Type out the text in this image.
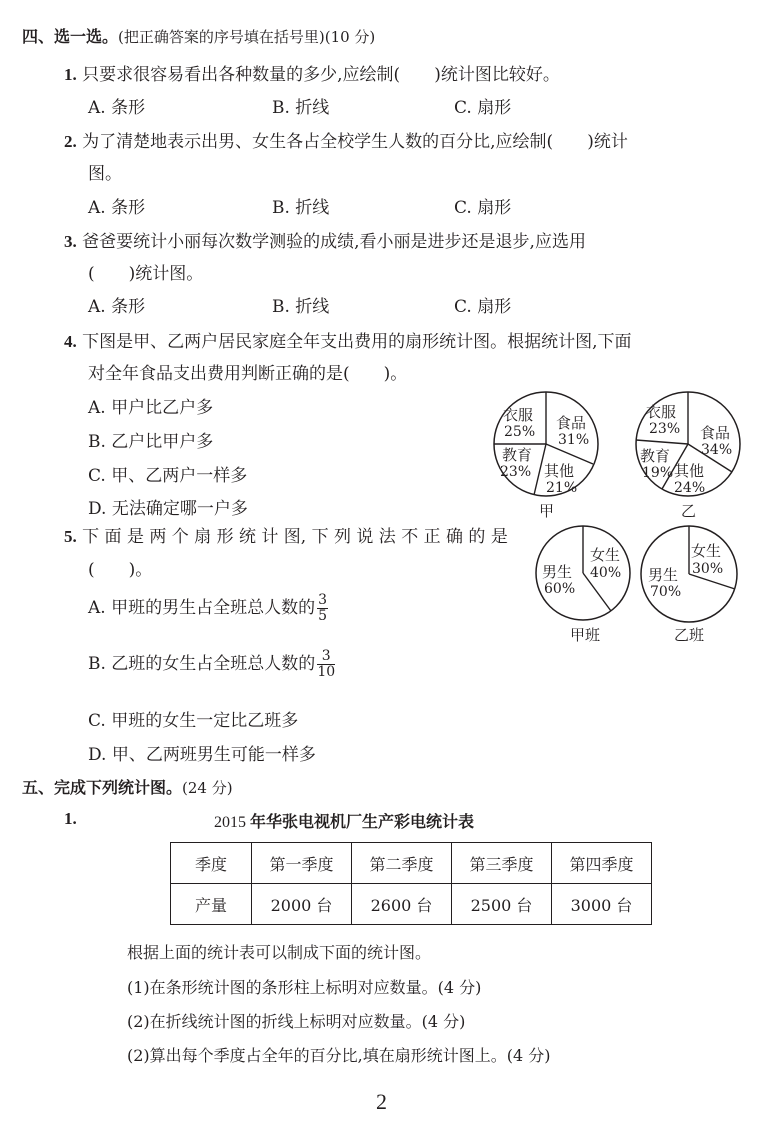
四、选一选。(把正确答案的序号填在括号里)(10 分)
1. 只要求很容易看出各种数量的多少,应绘制(　　)统计图比较好。
A. 条形	B. 折线	C. 扇形
2. 为了清楚地表示出男、女生各占全校学生人数的百分比,应绘制(　　)统计
图。
A. 条形	B. 折线	C. 扇形
3. 爸爸要统计小丽每次数学测验的成绩,看小丽是进步还是退步,应选用
(　　)统计图。
A. 条形	B. 折线	C. 扇形
4. 下图是甲、乙两户居民家庭全年支出费用的扇形统计图。根据统计图,下面
对全年食品支出费用判断正确的是(　　)。
A. 甲户比乙户多
B. 乙户比甲户多
C. 甲、乙两户一样多
D. 无法确定哪一户多
衣服
25% 食品
31%
其他
21%
教育
23%
甲
衣服
23% 食品
34%
其他
24%
教育
19%
乙
5. 下 面 是 两 个 扇 形 统 计 图, 下 列 说 法 不 正 确 的 是
(　　)。
A. 甲班的男生占全班总人数的 $\frac{3}{5}$
B. 乙班的女生占全班总人数的 $\frac{3}{10}$
C. 甲班的女生一定比乙班多
D. 甲、乙两班男生可能一样多
女生
40%
男生
60%
甲班
女生
30%
男生
70%
乙班
五、完成下列统计图。(24 分)
1.	2015 年华张电视机厂生产彩电统计表
季度	第一季度	第二季度	第三季度	第四季度
产量	2000 台	2600 台	2500 台	3000 台
根据上面的统计表可以制成下面的统计图。
(1)在条形统计图的条形柱上标明对应数量。(4 分)
(2)在折线统计图的折线上标明对应数量。(4 分)
(2)算出每个季度占全年的百分比,填在扇形统计图上。(4 分)
2
